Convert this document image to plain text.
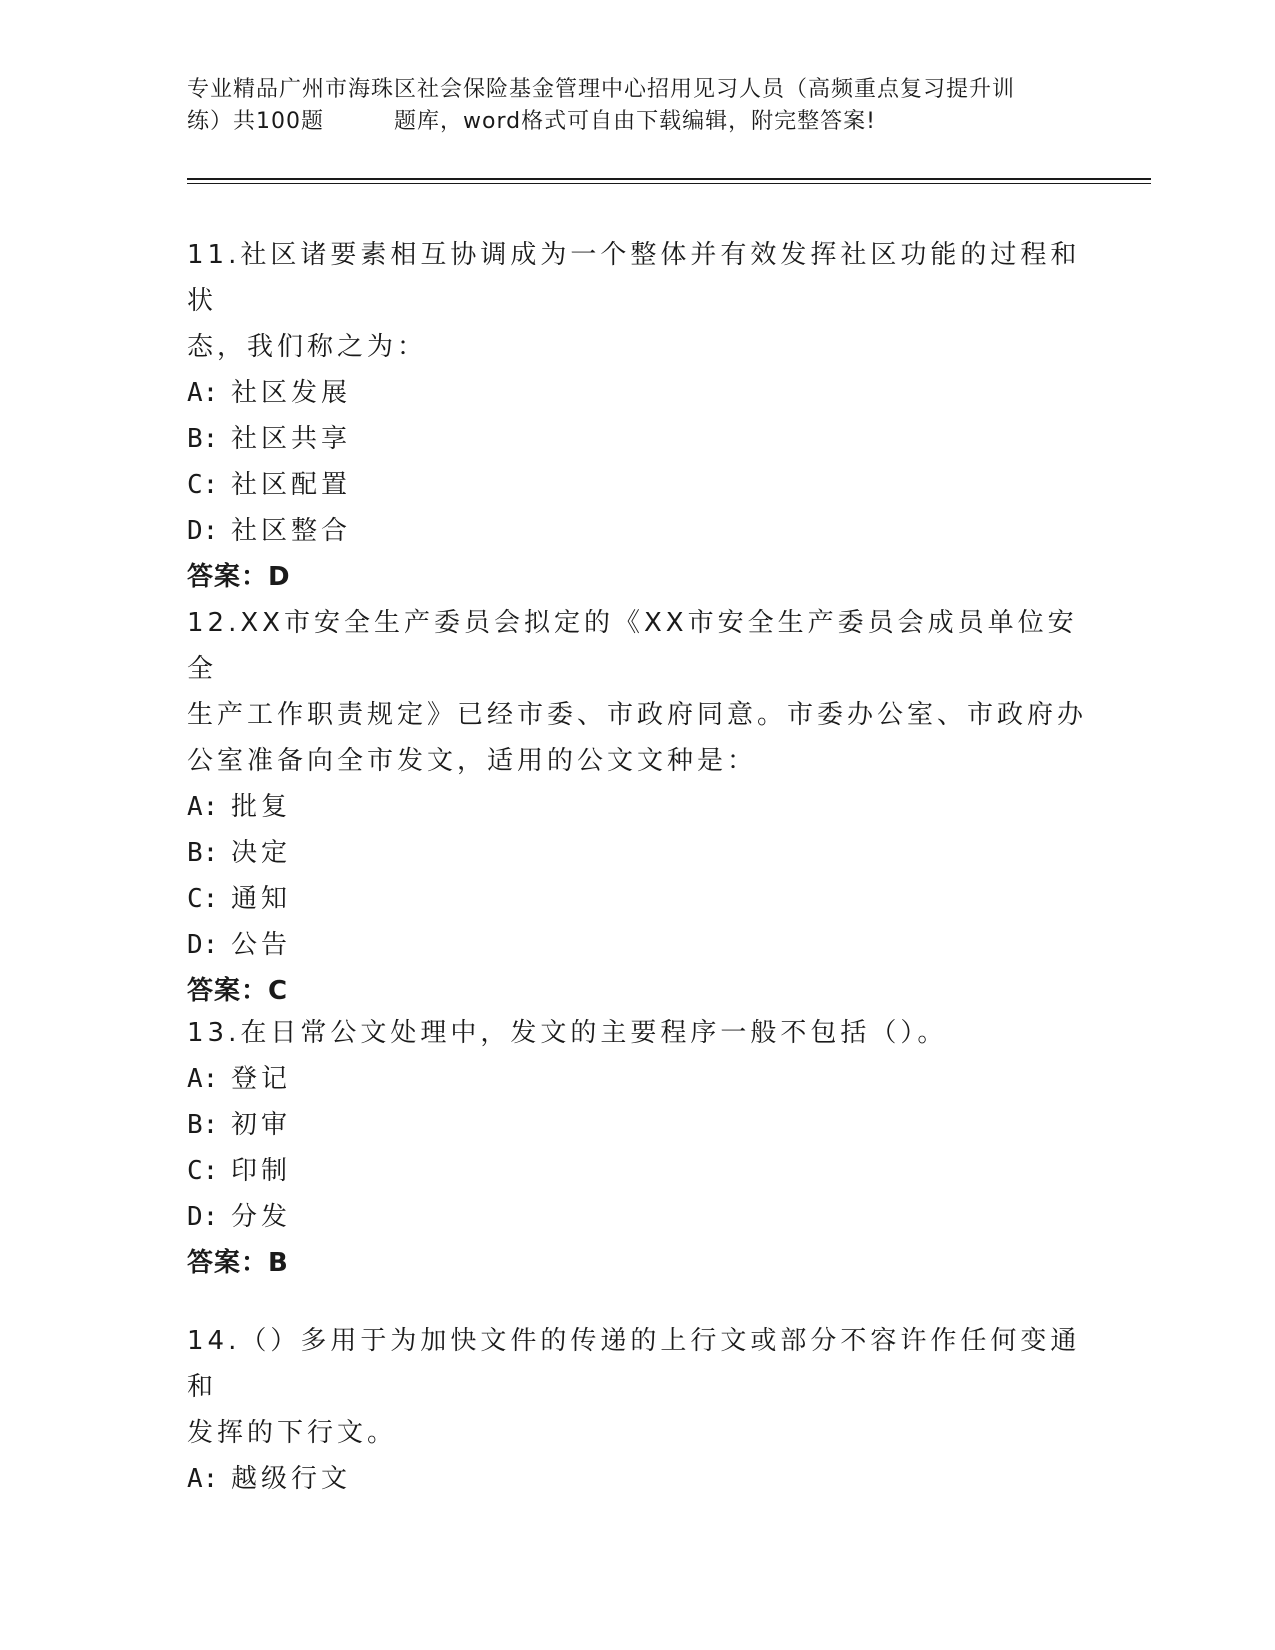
专业精品广州市海珠区社会保险基金管理中心招用见习人员（高频重点复习提升训
练）共100题	题库，word格式可自由下载编辑，附完整答案!

11.社区诸要素相互协调成为一个整体并有效发挥社区功能的过程和状

态，我们称之为：

A: 社区发展

B: 社区共享

C: 社区配置

D: 社区整合

答案：D

12.XX市安全生产委员会拟定的《XX市安全生产委员会成员单位安全

生产工作职责规定》已经市委、市政府同意。市委办公室、市政府办

公室准备向全市发文，适用的公文文种是：

A: 批复

B: 决定

C: 通知

D: 公告

答案：C

13.在日常公文处理中，发文的主要程序一般不包括（）。

A: 登记

B: 初审

C: 印制

D: 分发

答案：B

14.（）多用于为加快文件的传递的上行文或部分不容许作任何变通和

发挥的下行文。

A: 越级行文
